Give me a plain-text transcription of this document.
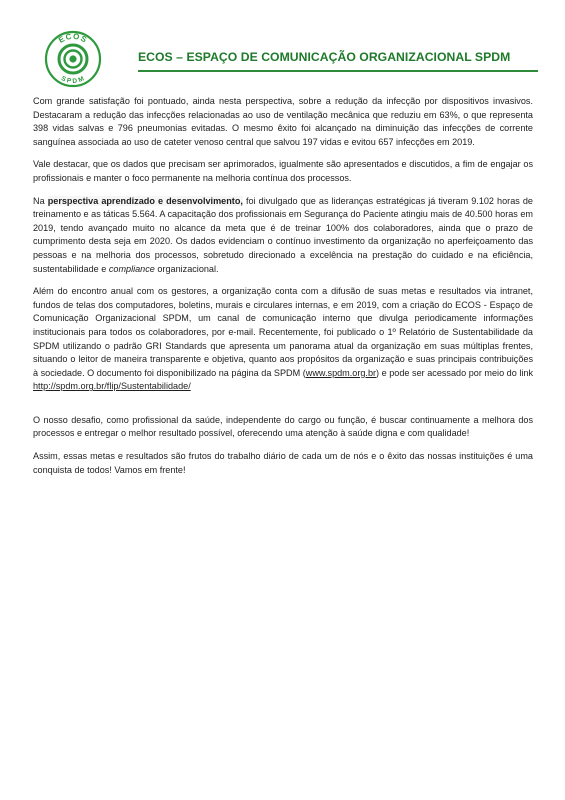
ECOS
SPDM
ECOS – ESPAÇO DE COMUNICAÇÃO ORGANIZACIONAL SPDM

Com grande satisfação foi pontuado, ainda nesta perspectiva, sobre a redução da infecção por dispositivos invasivos. Destacaram a redução das infecções relacionadas ao uso de ventilação mecânica que reduziu em 63%, o que representa 398 vidas salvas e 796 pneumonias evitadas. O mesmo êxito foi alcançado na diminuição das infecções de corrente sanguínea associada ao uso de cateter venoso central que salvou 197 vidas e evitou 657 infecções em 2019.

Vale destacar, que os dados que precisam ser aprimorados, igualmente são apresentados e discutidos, a fim de engajar os profissionais e manter o foco permanente na melhoria contínua dos processos.

Na perspectiva aprendizado e desenvolvimento, foi divulgado que as lideranças estratégicas já tiveram 9.102 horas de treinamento e as táticas 5.564. A capacitação dos profissionais em Segurança do Paciente atingiu mais de 40.500 horas em 2019, tendo avançado muito no alcance da meta que é de treinar 100% dos colaboradores, ainda que o prazo de cumprimento desta seja em 2020. Os dados evidenciam o contínuo investimento da organização no aperfeiçoamento das pessoas e na melhoria dos processos, sobretudo direcionado a excelência na prestação do cuidado e na eficiência, sustentabilidade e compliance organizacional.

Além do encontro anual com os gestores, a organização conta com a difusão de suas metas e resultados via intranet, fundos de telas dos computadores, boletins, murais e circulares internas, e em 2019, com a criação do ECOS - Espaço de Comunicação Organizacional SPDM, um canal de comunicação interno que divulga periodicamente informações institucionais para todos os colaboradores, por e-mail. Recentemente, foi publicado o 1º Relatório de Sustentabilidade da SPDM utilizando o padrão GRI Standards que apresenta um panorama atual da organização em suas múltiplas frentes, situando o leitor de maneira transparente e objetiva, quanto aos propósitos da organização e suas principais contribuições à sociedade. O documento foi disponibilizado na página da SPDM (www.spdm.org.br) e pode ser acessado por meio do link http://spdm.org.br/flip/Sustentabilidade/

O nosso desafio, como profissional da saúde, independente do cargo ou função, é buscar continuamente a melhora dos processos e entregar o melhor resultado possível, oferecendo uma atenção à saúde digna e com qualidade!

Assim, essas metas e resultados são frutos do trabalho diário de cada um de nós e o êxito das nossas instituições é uma conquista de todos! Vamos em frente!
